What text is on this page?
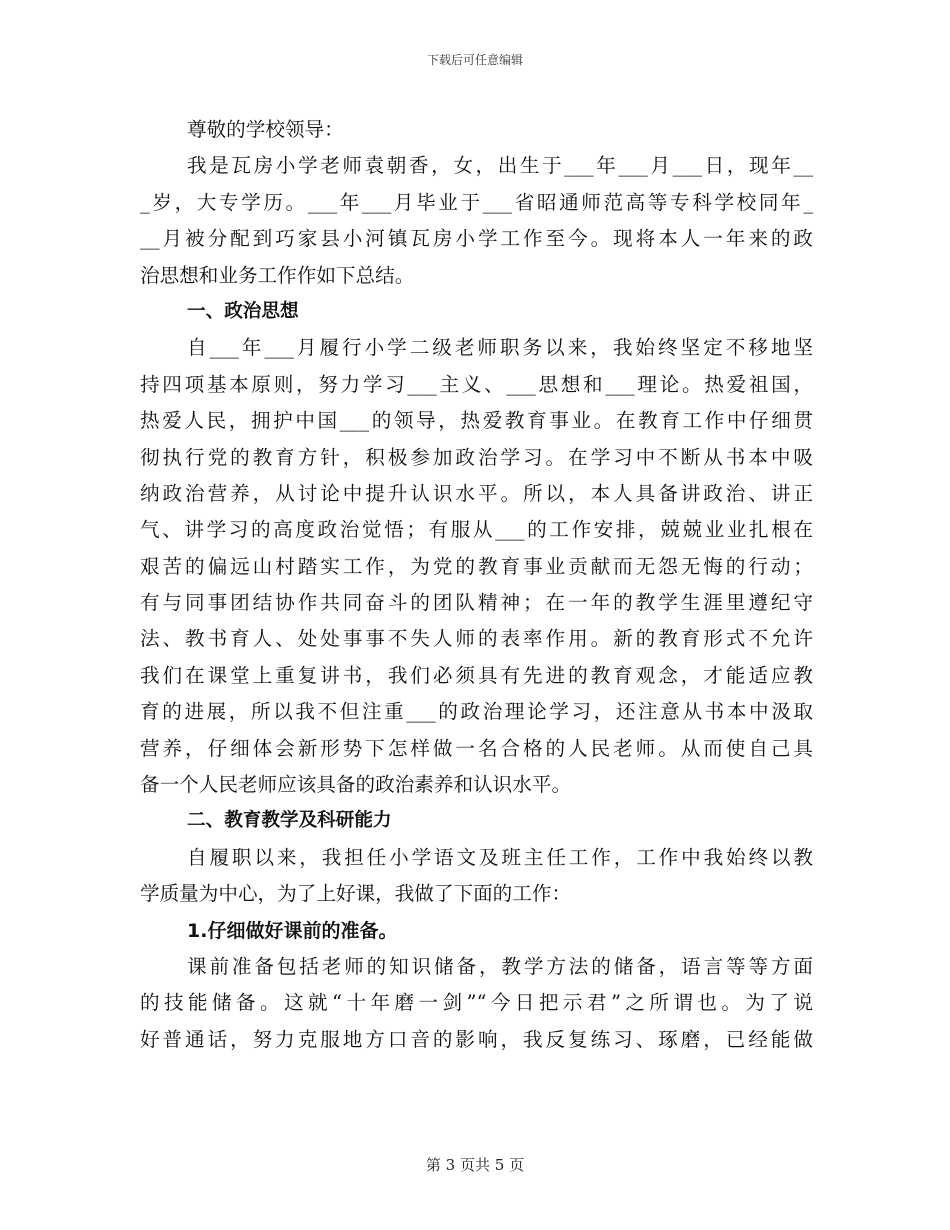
下载后可任意编辑
尊敬的学校领导：
我是瓦房小学老师袁朝香，女，出生于___年___月___日，现年__
_岁，大专学历。___年___月毕业于___省昭通师范高等专科学校同年_
__月被分配到巧家县小河镇瓦房小学工作至今。现将本人一年来的政
治思想和业务工作作如下总结。
一、政治思想
自___年___月履行小学二级老师职务以来，我始终坚定不移地坚
持四项基本原则，努力学习___主义、___思想和___理论。热爱祖国，
热爱人民，拥护中国___的领导，热爱教育事业。在教育工作中仔细贯
彻执行党的教育方针，积极参加政治学习。在学习中不断从书本中吸
纳政治营养，从讨论中提升认识水平。所以，本人具备讲政治、讲正
气、讲学习的高度政治觉悟；有服从___的工作安排，兢兢业业扎根在
艰苦的偏远山村踏实工作，为党的教育事业贡献而无怨无悔的行动；
有与同事团结协作共同奋斗的团队精神；在一年的教学生涯里遵纪守
法、教书育人、处处事事不失人师的表率作用。新的教育形式不允许
我们在课堂上重复讲书，我们必须具有先进的教育观念，才能适应教
育的进展，所以我不但注重___的政治理论学习，还注意从书本中汲取
营养，仔细体会新形势下怎样做一名合格的人民老师。从而使自己具
备一个人民老师应该具备的政治素养和认识水平。
二、教育教学及科研能力
自履职以来，我担任小学语文及班主任工作，工作中我始终以教
学质量为中心，为了上好课，我做了下面的工作：
1.仔细做好课前的准备。
课前准备包括老师的知识储备，教学方法的储备，语言等等方面
的技能储备。这就“十年磨一剑”“今日把示君”之所谓也。为了说
好普通话，努力克服地方口音的影响，我反复练习、琢磨，已经能做
第 3 页共 5 页
